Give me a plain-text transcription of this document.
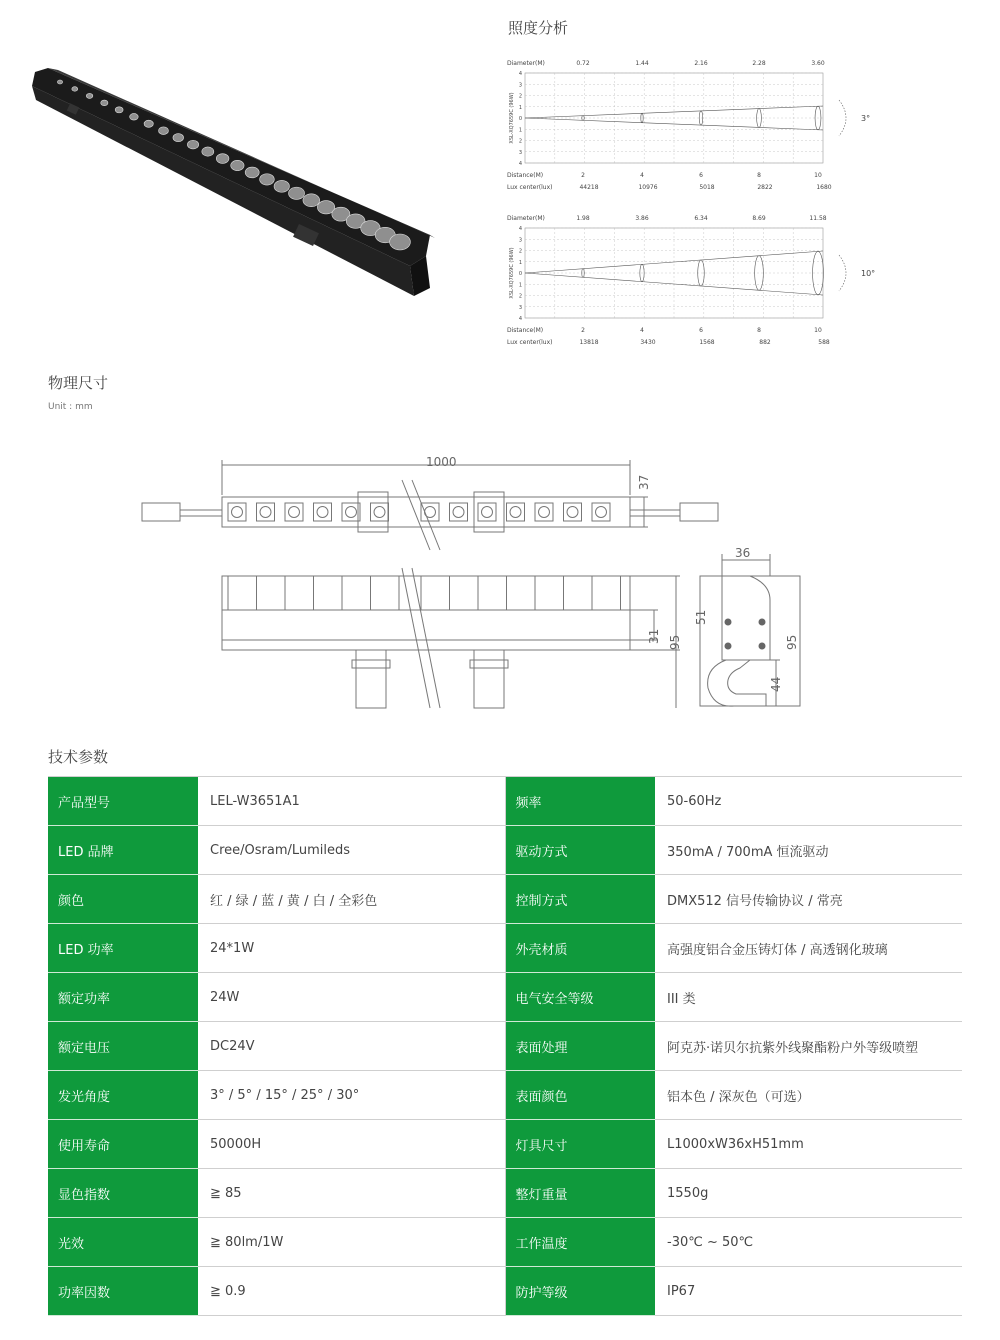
照度分析
Diameter(M)	0.72	1.44	2.16	2.28	3.60
4
3
2
1
0
1
2
3
4
3°
XSL-XQ7659C (96W)
Distance(M)	2	4	6	8	10
Lux center(lux)	44218	10976	5018	2822	1680
Diameter(M)	1.98	3.86	6.34	8.69	11.58
4
3
2
1
0
1
2
3
4
10°
XSL-XQ7659C (96W)
Distance(M)	2	4	6	8	10
Lux center(lux)	13818	3430	1568	882	588
物理尺寸
Unit : mm
1000
37
36
51
31 95	95
44
技术参数
产品型号	LEL-W3651A1	频率	50-60Hz
LED 品牌	Cree/Osram/Lumileds	驱动方式	350mA / 700mA 恒流驱动
颜色	红 / 绿 / 蓝 / 黄 / 白 / 全彩色	控制方式	DMX512 信号传输协议 / 常亮
LED 功率	24*1W	外壳材质	高强度铝合金压铸灯体 / 高透钢化玻璃
额定功率	24W	电气安全等级	III 类
额定电压	DC24V	表面处理	阿克苏·诺贝尔抗紫外线聚酯粉户外等级喷塑
发光角度	3° / 5° / 15° / 25° / 30°	表面颜色	铝本色 / 深灰色（可选）
使用寿命	50000H	灯具尺寸	L1000xW36xH51mm
显色指数	≧ 85	整灯重量	1550g
光效	≧ 80lm/1W	工作温度	-30℃ ~ 50℃
功率因数	≧ 0.9	防护等级	IP67
